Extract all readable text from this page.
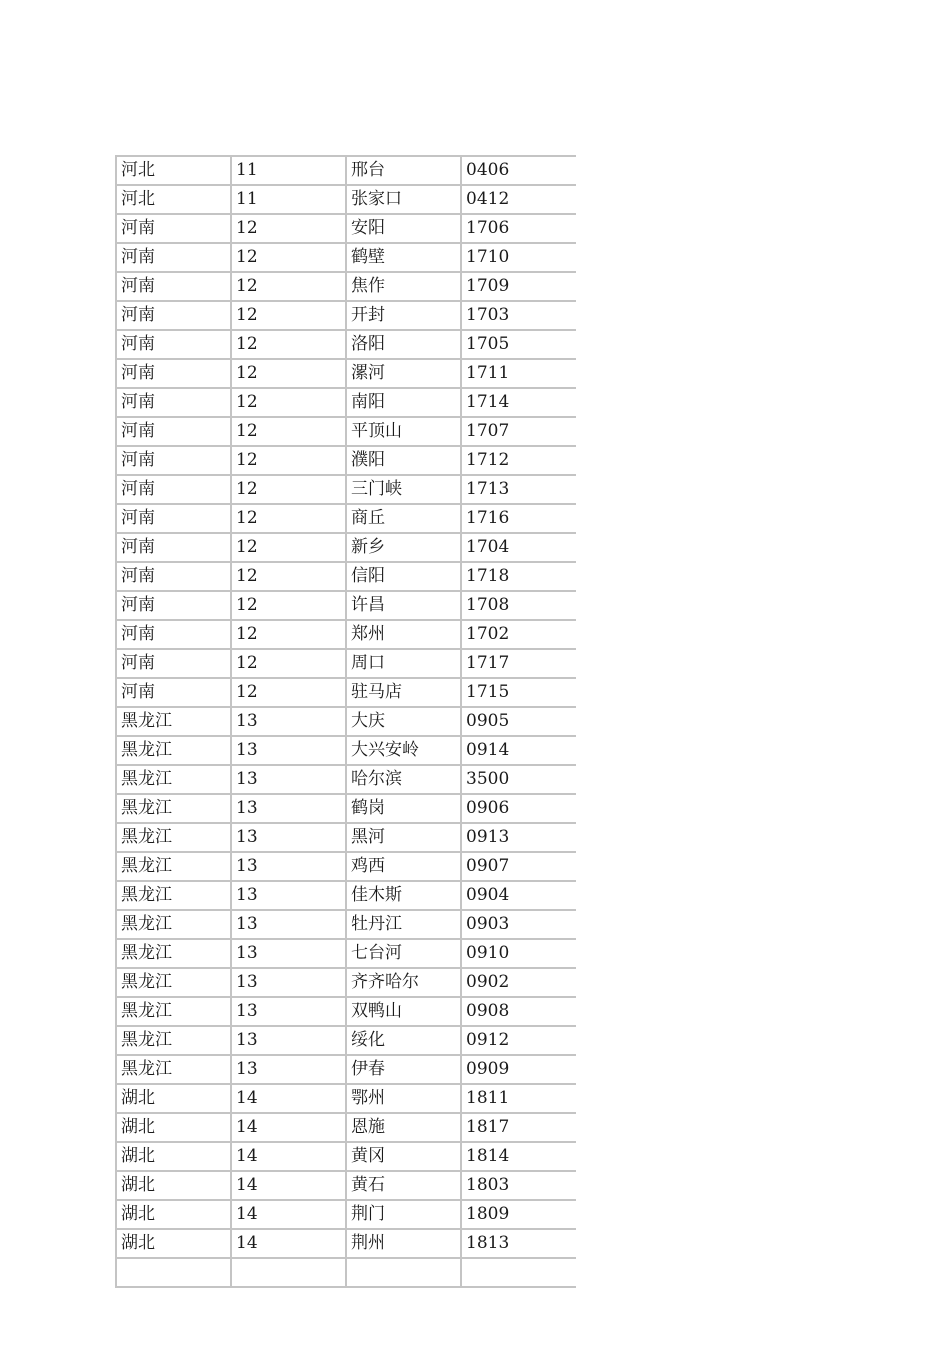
河北	11	邢台	0406
河北	11	张家口	0412
河南	12	安阳	1706
河南	12	鹤壁	1710
河南	12	焦作	1709
河南	12	开封	1703
河南	12	洛阳	1705
河南	12	漯河	1711
河南	12	南阳	1714
河南	12	平顶山	1707
河南	12	濮阳	1712
河南	12	三门峡	1713
河南	12	商丘	1716
河南	12	新乡	1704
河南	12	信阳	1718
河南	12	许昌	1708
河南	12	郑州	1702
河南	12	周口	1717
河南	12	驻马店	1715
黑龙江	13	大庆	0905
黑龙江	13	大兴安岭	0914
黑龙江	13	哈尔滨	3500
黑龙江	13	鹤岗	0906
黑龙江	13	黑河	0913
黑龙江	13	鸡西	0907
黑龙江	13	佳木斯	0904
黑龙江	13	牡丹江	0903
黑龙江	13	七台河	0910
黑龙江	13	齐齐哈尔	0902
黑龙江	13	双鸭山	0908
黑龙江	13	绥化	0912
黑龙江	13	伊春	0909
湖北	14	鄂州	1811
湖北	14	恩施	1817
湖北	14	黄冈	1814
湖北	14	黄石	1803
湖北	14	荆门	1809
湖北	14	荆州	1813
